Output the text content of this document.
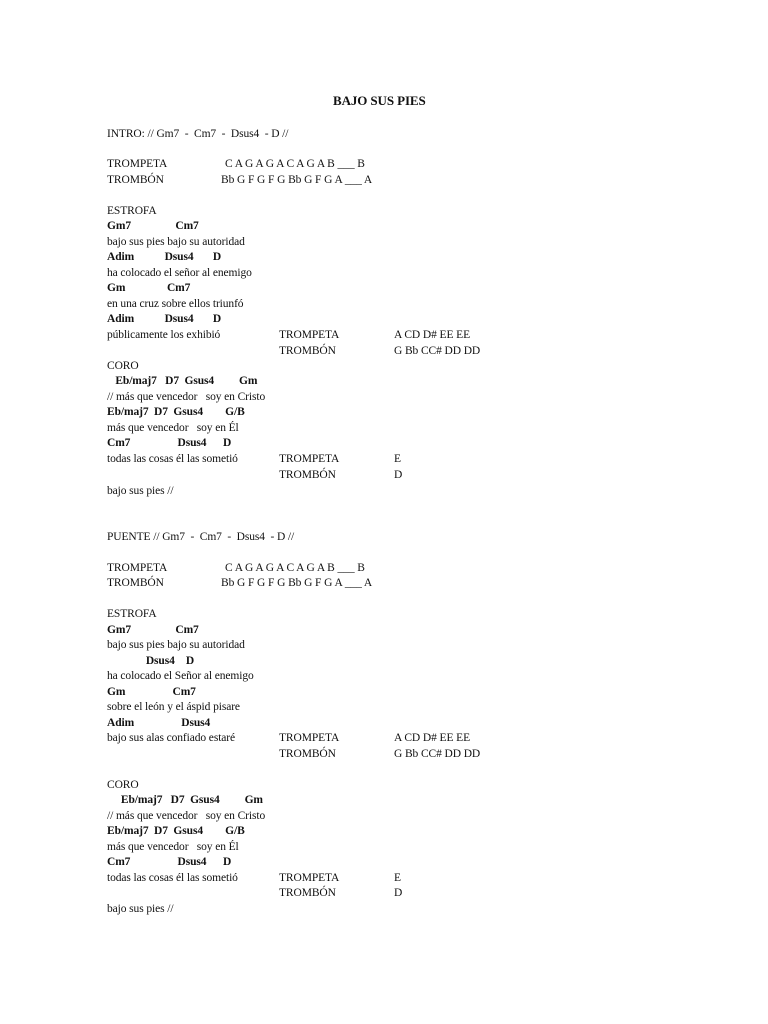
BAJO SUS PIES
INTRO: // Gm7  -  Cm7  -  Dsus4  - D //
TROMPETA	C A G A G A C A G A B ___ B
TROMBÓN	Bb G F G F G Bb G F G A ___ A
ESTROFA
Gm7                Cm7
bajo sus pies bajo su autoridad
Adim           Dsus4       D
ha colocado el señor al enemigo
Gm               Cm7
en una cruz sobre ellos triunfó
Adim           Dsus4       D
públicamente los exhibió	TROMPETA	A CD D# EE EE
TROMBÓN	G Bb CC# DD DD
CORO
Eb/maj7   D7  Gsus4         Gm
// más que vencedor   soy en Cristo
Eb/maj7  D7  Gsus4        G/B
más que vencedor   soy en Él
Cm7                 Dsus4      D
todas las cosas él las sometió	TROMPETA	E
TROMBÓN	D
bajo sus pies //
PUENTE // Gm7  -  Cm7  -  Dsus4  - D //
TROMPETA	C A G A G A C A G A B ___ B
TROMBÓN	Bb G F G F G Bb G F G A ___ A
ESTROFA
Gm7                Cm7
bajo sus pies bajo su autoridad
Dsus4    D
ha colocado el Señor al enemigo
Gm                 Cm7
sobre el león y el áspid pisare
Adim                 Dsus4
bajo sus alas confiado estaré	TROMPETA	A CD D# EE EE
TROMBÓN	G Bb CC# DD DD
CORO
Eb/maj7   D7  Gsus4         Gm
// más que vencedor   soy en Cristo
Eb/maj7  D7  Gsus4        G/B
más que vencedor   soy en Él
Cm7                 Dsus4      D
todas las cosas él las sometió	TROMPETA	E
TROMBÓN	D
bajo sus pies //
